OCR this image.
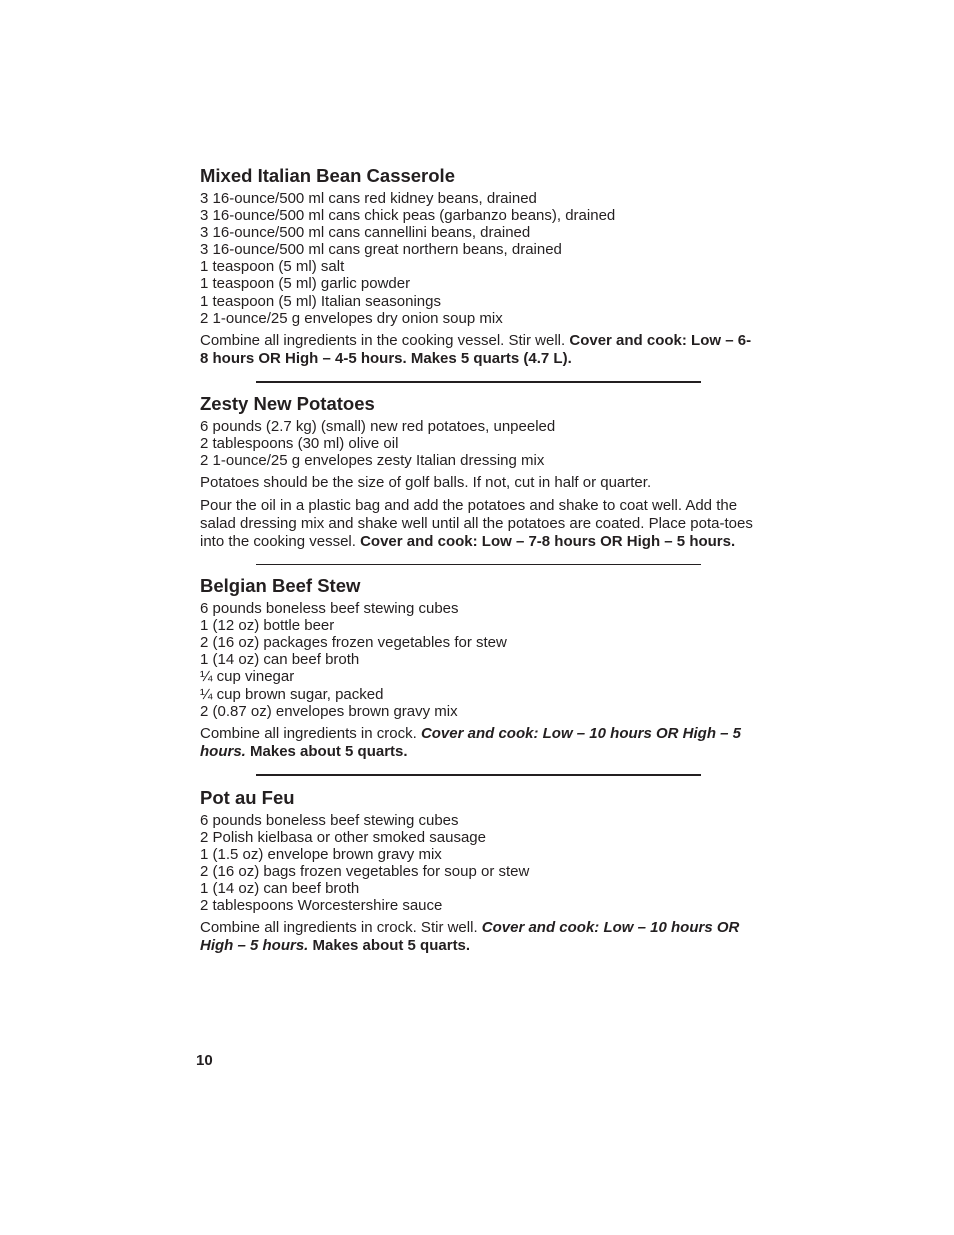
Mixed Italian Bean Casserole
3 16-ounce/500 ml cans red kidney beans, drained
3 16-ounce/500 ml cans chick peas (garbanzo beans), drained
3 16-ounce/500 ml cans cannellini beans, drained
3 16-ounce/500 ml cans great northern beans, drained
1 teaspoon (5 ml) salt
1 teaspoon (5 ml) garlic powder
1 teaspoon (5 ml) Italian seasonings
2 1-ounce/25 g envelopes dry onion soup mix

Combine all ingredients in the cooking vessel. Stir well. Cover and cook: Low – 6-8 hours OR High – 4-5 hours. Makes 5 quarts (4.7 L).

Zesty New Potatoes
6 pounds (2.7 kg) (small) new red potatoes, unpeeled
2 tablespoons (30 ml) olive oil
2 1-ounce/25 g envelopes zesty Italian dressing mix

Potatoes should be the size of golf balls. If not, cut in half or quarter.

Pour the oil in a plastic bag and add the potatoes and shake to coat well. Add the salad dressing mix and shake well until all the potatoes are coated. Place pota-toes into the cooking vessel. Cover and cook: Low – 7-8 hours OR High – 5 hours.

Belgian Beef Stew
6 pounds boneless beef stewing cubes
1 (12 oz) bottle beer
2 (16 oz) packages frozen vegetables for stew
1 (14 oz) can beef broth
¼ cup vinegar
¼ cup brown sugar, packed
2 (0.87 oz) envelopes brown gravy mix

Combine all ingredients in crock. Cover and cook: Low – 10 hours OR High – 5 hours. Makes about 5 quarts.

Pot au Feu
6 pounds boneless beef stewing cubes
2 Polish kielbasa or other smoked sausage
1 (1.5 oz) envelope brown gravy mix
2 (16 oz) bags frozen vegetables for soup or stew
1 (14 oz) can beef broth
2 tablespoons Worcestershire sauce

Combine all ingredients in crock. Stir well. Cover and cook: Low – 10 hours OR High – 5 hours. Makes about 5 quarts.

10
